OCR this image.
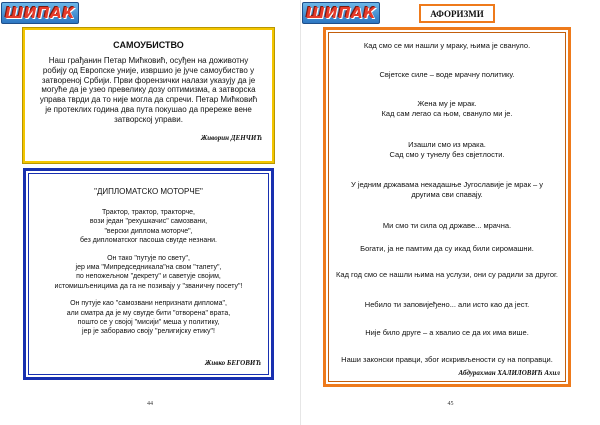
ШИПАК
САМОУБИСТВО
Наш грађанин Петар Мићковић, осуђен на доживотну робију од Европске уније, извршио је јуче самоубиство у затвореној Србији. Први форензички налази указују да је могуће да је узео превелику дозу оптимизма, а затворска управа тврди да то није могла да спречи. Петар Мићковић је протеклих година два пута покушао да прережe вене затворској управи.
Живорин ДЕНЧИЋ
"ДИПЛОМАТСКО МОТОРЧЕ"
Трактор, трактор, тракторче,
вози један "рехушкачис" самозвани,
"верски диплома моторче",
без дипломатског пасоша свугде незнани.
Он тако "путује по свету",
јер има "Мипредседникала"на свом "тапету",
по непожељном "декрету" и саветује својим,
истомишљеницима да га не позивају у "званичну посету"!
Он путује као "самозвани непризнати диплома",
али сматра да је му свугде бити "отворена" врата,
пошто се у својој "мисији" меша у политику,
јер је заборавио своју "религијску етику"!
Живко БЕГОВИЋ
44
ШИПАК	АФОРИЗМИ
Абдурахман ХАЛИЛОВИЋ Ахил
Кад смо се ми нашли у мраку, њима је свануло.
Свјетске силе – воде мрачну политику.
Жена му је мрак.
Кад сам легао са њом, свануло ми је.
Изашли смо из мрака.
Сад смо у тунелу без свјетлости.
У једним државама некадашње Југославије је мрак – у другима сви спавају.
Ми смо ти сила од државе... мрачна.
Богати, ја не памтим да су икад били сиромашни.
Кад год смо се нашли њима на услузи, они су радили за другог.
Небило ти заповијеђено... али исто као да јест.
Није било друге – а хвалио се да их има више.
Наши законски правци, због искривљености су на поправци.
45
